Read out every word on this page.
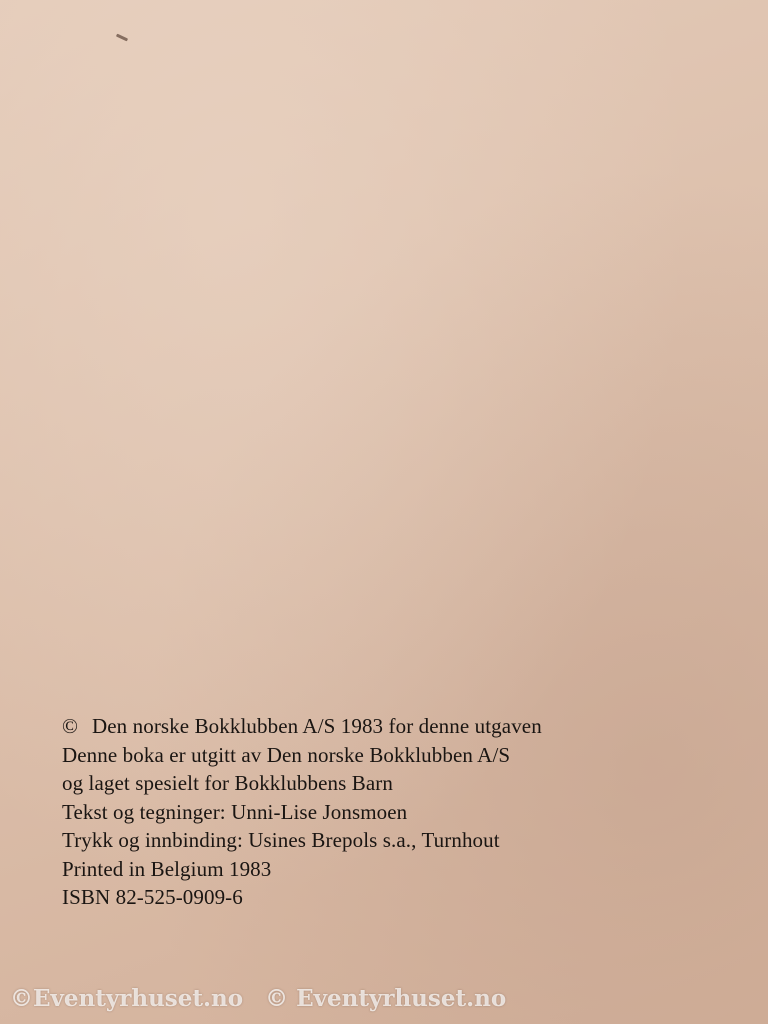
© Den norske Bokklubben A/S 1983 for denne utgaven
Denne boka er utgitt av Den norske Bokklubben A/S
og laget spesielt for Bokklubbens Barn
Tekst og tegninger: Unni-Lise Jonsmoen
Trykk og innbinding: Usines Brepols s.a., Turnhout
Printed in Belgium 1983
ISBN 82-525-0909-6
©Eventyrhuset.no © Eventyrhuset.no
